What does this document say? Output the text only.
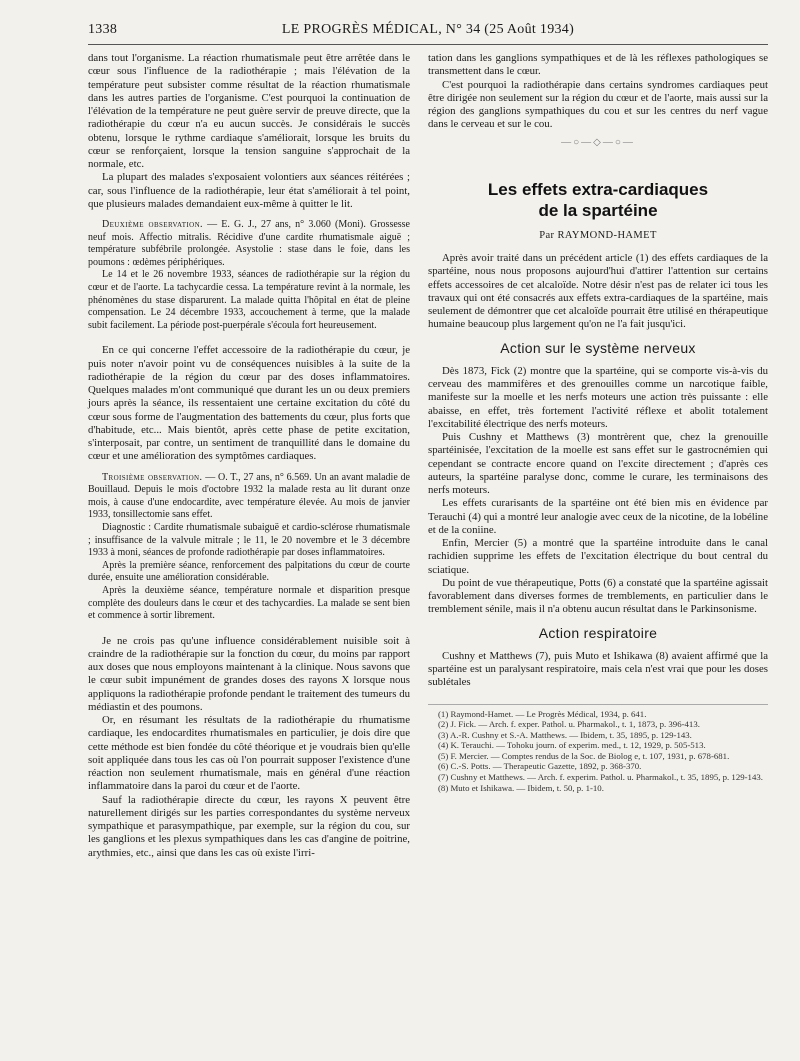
1338	LE PROGRÈS MÉDICAL, N° 34 (25 Août 1934)

dans tout l'organisme. La réaction rhumatismale peut être arrêtée dans le cœur sous l'influence de la radiothérapie ; mais l'élévation de la température peut subsister comme résultat de la réaction rhumatismale dans les autres parties de l'organisme. C'est pourquoi la continuation de l'élévation de la température ne peut guère servir de preuve directe, que la radiothérapie du cœur n'a eu aucun succès. Je considérais le succès obtenu, lorsque le rythme cardiaque s'améliorait, lorsque les bruits du cœur se renforçaient, lorsque la tension sanguine s'approchait de la normale, etc.

La plupart des malades s'exposaient volontiers aux séances réitérées ; car, sous l'influence de la radiothérapie, leur état s'améliorait à tel point, que plusieurs malades demandaient eux-même à quitter le lit.

Deuxième observation. — E. G. J., 27 ans, n° 3.060 (Moni). Grossesse neuf mois. Affectio mitralis. Récidive d'une cardite rhumatismale aiguë ; température subfébrile prolongée. Asystolie : stase dans le foie, dans les poumons : œdèmes périphériques.

Le 14 et le 26 novembre 1933, séances de radiothérapie sur la région du cœur et de l'aorte. La tachycardie cessa. La température revint à la normale, les phénomènes du stase disparurent. La malade quitta l'hôpital en état de pleine compensation. Le 24 décembre 1933, accouchement à terme, que la malade subit facilement. La période post-puerpérale s'écoula fort heureusement.

En ce qui concerne l'effet accessoire de la radiothérapie du cœur, je puis noter n'avoir point vu de conséquences nuisibles à la suite de la radiothérapie de la région du cœur par des doses inflammatoires. Quelques malades m'ont communiqué que durant les un ou deux premiers jours après la séance, ils ressentaient une certaine excitation du côté du cœur sous forme de l'augmentation des battements du cœur, plus forts que d'habitude, etc... Mais bientôt, après cette phase de petite excitation, s'interposait, par contre, un sentiment de tranquillité dans le domaine du cœur et une amélioration des symptômes cardiaques.

Troisième observation. — O. T., 27 ans, n° 6.569. Un an avant maladie de Bouillaud. Depuis le mois d'octobre 1932 la malade resta au lit durant onze mois, à cause d'une endocardite, avec température élevée. Au mois de janvier 1933, tonsillectomie sans effet.

Diagnostic : Cardite rhumatismale subaiguë et cardio-sclérose rhumatismale ; insuffisance de la valvule mitrale ; le 11, le 20 novembre et le 3 décembre 1933 à moni, séances de profonde radiothérapie par doses inflammatoires.

Après la première séance, renforcement des palpitations du cœur de courte durée, ensuite une amélioration considérable.

Après la deuxième séance, température normale et disparition presque complète des douleurs dans le cœur et des tachycardies. La malade se sent bien et commence à sortir librement.

Je ne crois pas qu'une influence considérablement nuisible soit à craindre de la radiothérapie sur la fonction du cœur, du moins par rapport aux doses que nous employons maintenant à la clinique. Nous savons que le cœur subit impunément de grandes doses des rayons X lorsque nous appliquons la radiothérapie profonde pendant le traitement des tumeurs du médiastin et des poumons.

Or, en résumant les résultats de la radiothérapie du rhumatisme cardiaque, les endocardites rhumatismales en particulier, je dois dire que cette méthode est bien fondée du côté théorique et je voudrais bien qu'elle soit appliquée dans tous les cas où l'on pourrait supposer l'existence d'une réaction non seulement rhumatismale, mais en général d'une réaction inflammatoire dans la paroi du cœur et de l'aorte.

Sauf la radiothérapie directe du cœur, les rayons X peuvent être naturellement dirigés sur les parties correspondantes du système nerveux sympathique et parasympathique, par exemple, sur la région du cou, sur les ganglions et les plexus sympathiques dans les cas d'angine de poitrine, arythmies, etc., ainsi que dans les cas où existe l'irri-

tation dans les ganglions sympathiques et de là les réflexes pathologiques se transmettent dans le cœur.

C'est pourquoi la radiothérapie dans certains syndromes cardiaques peut être dirigée non seulement sur la région du cœur et de l'aorte, mais aussi sur la région des ganglions sympathiques du cou et sur les centres du nerf vague dans le cerveau et sur le cou.

—○—◇—○—
Les effets extra-cardiaques
de la spartéine
Par RAYMOND-HAMET

Après avoir traité dans un précédent article (1) des effets cardiaques de la spartéine, nous nous proposons aujourd'hui d'attirer l'attention sur certains effets accessoires de cet alcaloïde. Notre désir n'est pas de relater ici tous les travaux qui ont été consacrés aux effets extra-cardiaques de la spartéine, mais seulement de démontrer que cet alcaloïde pourrait être utilisé en thérapeutique humaine beaucoup plus largement qu'on ne l'a fait jusqu'ici.

Action sur le système nerveux

Dès 1873, Fick (2) montre que la spartéine, qui se comporte vis-à-vis du cerveau des mammifères et des grenouilles comme un narcotique faible, manifeste sur la moelle et les nerfs moteurs une action très puissante : elle abaisse, en effet, très fortement l'activité réflexe et abolit totalement l'excitabilité électrique des nerfs moteurs.

Puis Cushny et Matthews (3) montrèrent que, chez la grenouille spartéinisée, l'excitation de la moelle est sans effet sur le gastrocnémien qui cependant se contracte encore quand on l'excite directement ; d'après ces auteurs, la spartéine paralyse donc, comme le curare, les terminaisons des nerfs moteurs.

Les effets curarisants de la spartéine ont été bien mis en évidence par Terauchi (4) qui a montré leur analogie avec ceux de la nicotine, de la lobéline et de la coniine.

Enfin, Mercier (5) a montré que la spartéine introduite dans le canal rachidien supprime les effets de l'excitation électrique du bout central du sciatique.

Du point de vue thérapeutique, Potts (6) a constaté que la spartéine agissait favorablement dans diverses formes de tremblements, en particulier dans le tremblement sénile, mais il n'a obtenu aucun résultat dans le Parkinsonisme.

Action respiratoire

Cushny et Matthews (7), puis Muto et Ishikawa (8) avaient affirmé que la spartéine est un paralysant respiratoire, mais cela n'est vrai que pour les doses sublétales

(1) Raymond-Hamet. — Le Progrès Médical, 1934, p. 641.

(2) J. Fick. — Arch. f. exper. Pathol. u. Pharmakol., t. 1, 1873, p. 396-413.

(3) A.-R. Cushny et S.-A. Matthews. — Ibidem, t. 35, 1895, p. 129-143.

(4) K. Terauchi. — Tohoku journ. of experim. med., t. 12, 1929, p. 505-513.

(5) F. Mercier. — Comptes rendus de la Soc. de Biolog e, t. 107, 1931, p. 678-681.

(6) C.-S. Potts. — Therapeutic Gazette, 1892, p. 368-370.

(7) Cushny et Matthews. — Arch. f. experim. Pathol. u. Pharmakol., t. 35, 1895, p. 129-143.

(8) Muto et Ishikawa. — Ibidem, t. 50, p. 1-10.
